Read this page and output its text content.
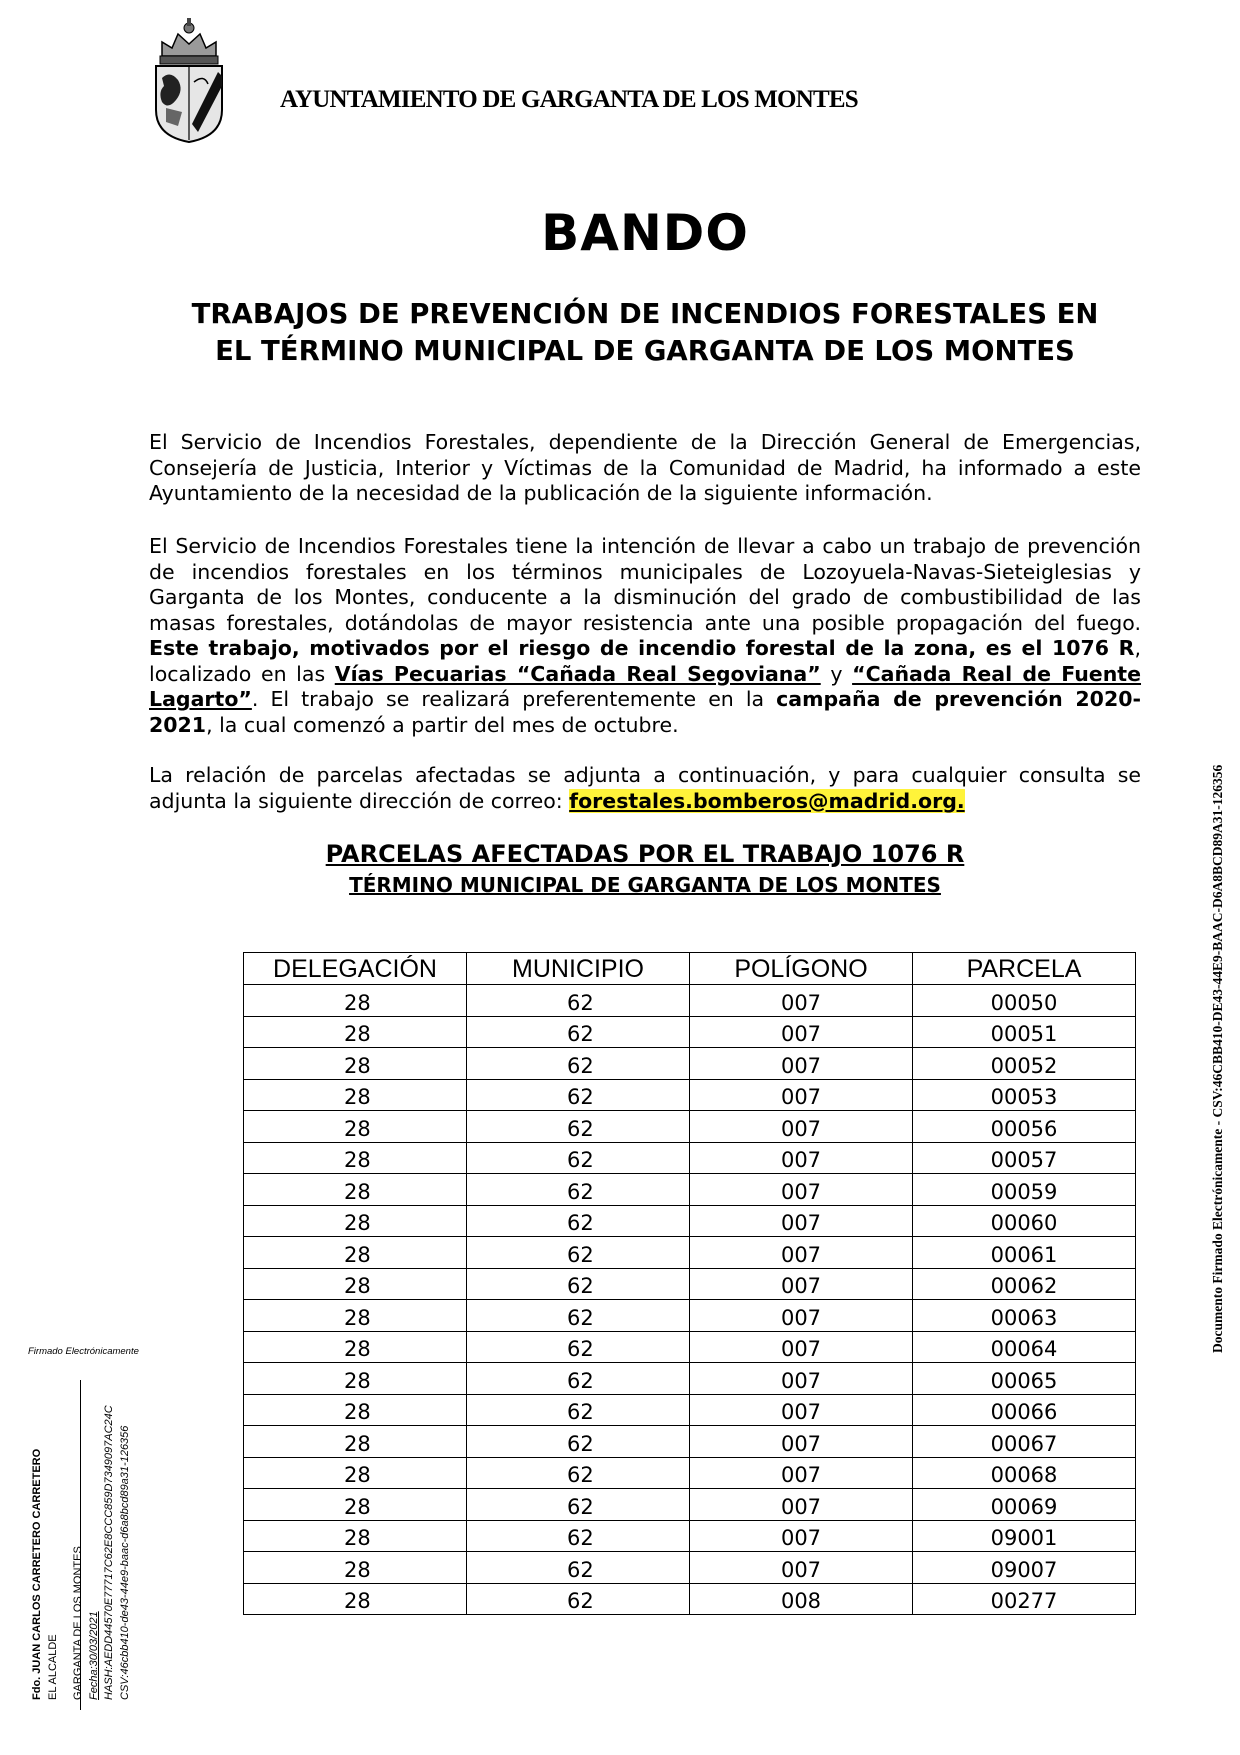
AYUNTAMIENTO DE GARGANTA DE LOS MONTES
BANDO
TRABAJOS DE PREVENCIÓN DE INCENDIOS FORESTALES EN
EL TÉRMINO MUNICIPAL DE GARGANTA DE LOS MONTES
El Servicio de Incendios Forestales, dependiente de la Dirección General de Emergencias, Consejería de Justicia, Interior y Víctimas de la Comunidad de Madrid, ha informado a este Ayuntamiento de la necesidad de la publicación de la siguiente información.
El Servicio de Incendios Forestales tiene la intención de llevar a cabo un trabajo de prevención de incendios forestales en los términos municipales de Lozoyuela-Navas-Sieteiglesias y Garganta de los Montes, conducente a la disminución del grado de combustibilidad de las masas forestales, dotándolas de mayor resistencia ante una posible propagación del fuego. Este trabajo, motivados por el riesgo de incendio forestal de la zona, es el 1076 R, localizado en las Vías Pecuarias “Cañada Real Segoviana” y “Cañada Real de Fuente Lagarto”. El trabajo se realizará preferentemente en la campaña de prevención 2020-2021, la cual comenzó a partir del mes de octubre.
La relación de parcelas afectadas se adjunta a continuación, y para cualquier consulta se adjunta la siguiente dirección de correo: forestales.bomberos@madrid.org.
PARCELAS AFECTADAS POR EL TRABAJO 1076 R
TÉRMINO MUNICIPAL DE GARGANTA DE LOS MONTES
DELEGACIÓN	MUNICIPIO	POLÍGONO	PARCELA
28	62	007	00050
28	62	007	00051
28	62	007	00052
28	62	007	00053
28	62	007	00056
28	62	007	00057
28	62	007	00059
28	62	007	00060
28	62	007	00061
28	62	007	00062
28	62	007	00063
28	62	007	00064
28	62	007	00065
28	62	007	00066
28	62	007	00067
28	62	007	00068
28	62	007	00069
28	62	007	09001
28	62	007	09007
28	62	008	00277
Documento Firmado Electrónicamente - CSV:46CBB410-DE43-44E9-BAAC-D6A8BCD89A31-126356
Firmado Electrónicamente
Fdo. JUAN CARLOS CARRETERO CARRETERO EL ALCALDE GARGANTA DE LOS MONTES Fecha:30/03/2021 HASH:AEDD44570E77717C62E8CCC859D7349097AC24C CSV:46cbb410-de43-44e9-baac-d6a8bcd89a31-126356
